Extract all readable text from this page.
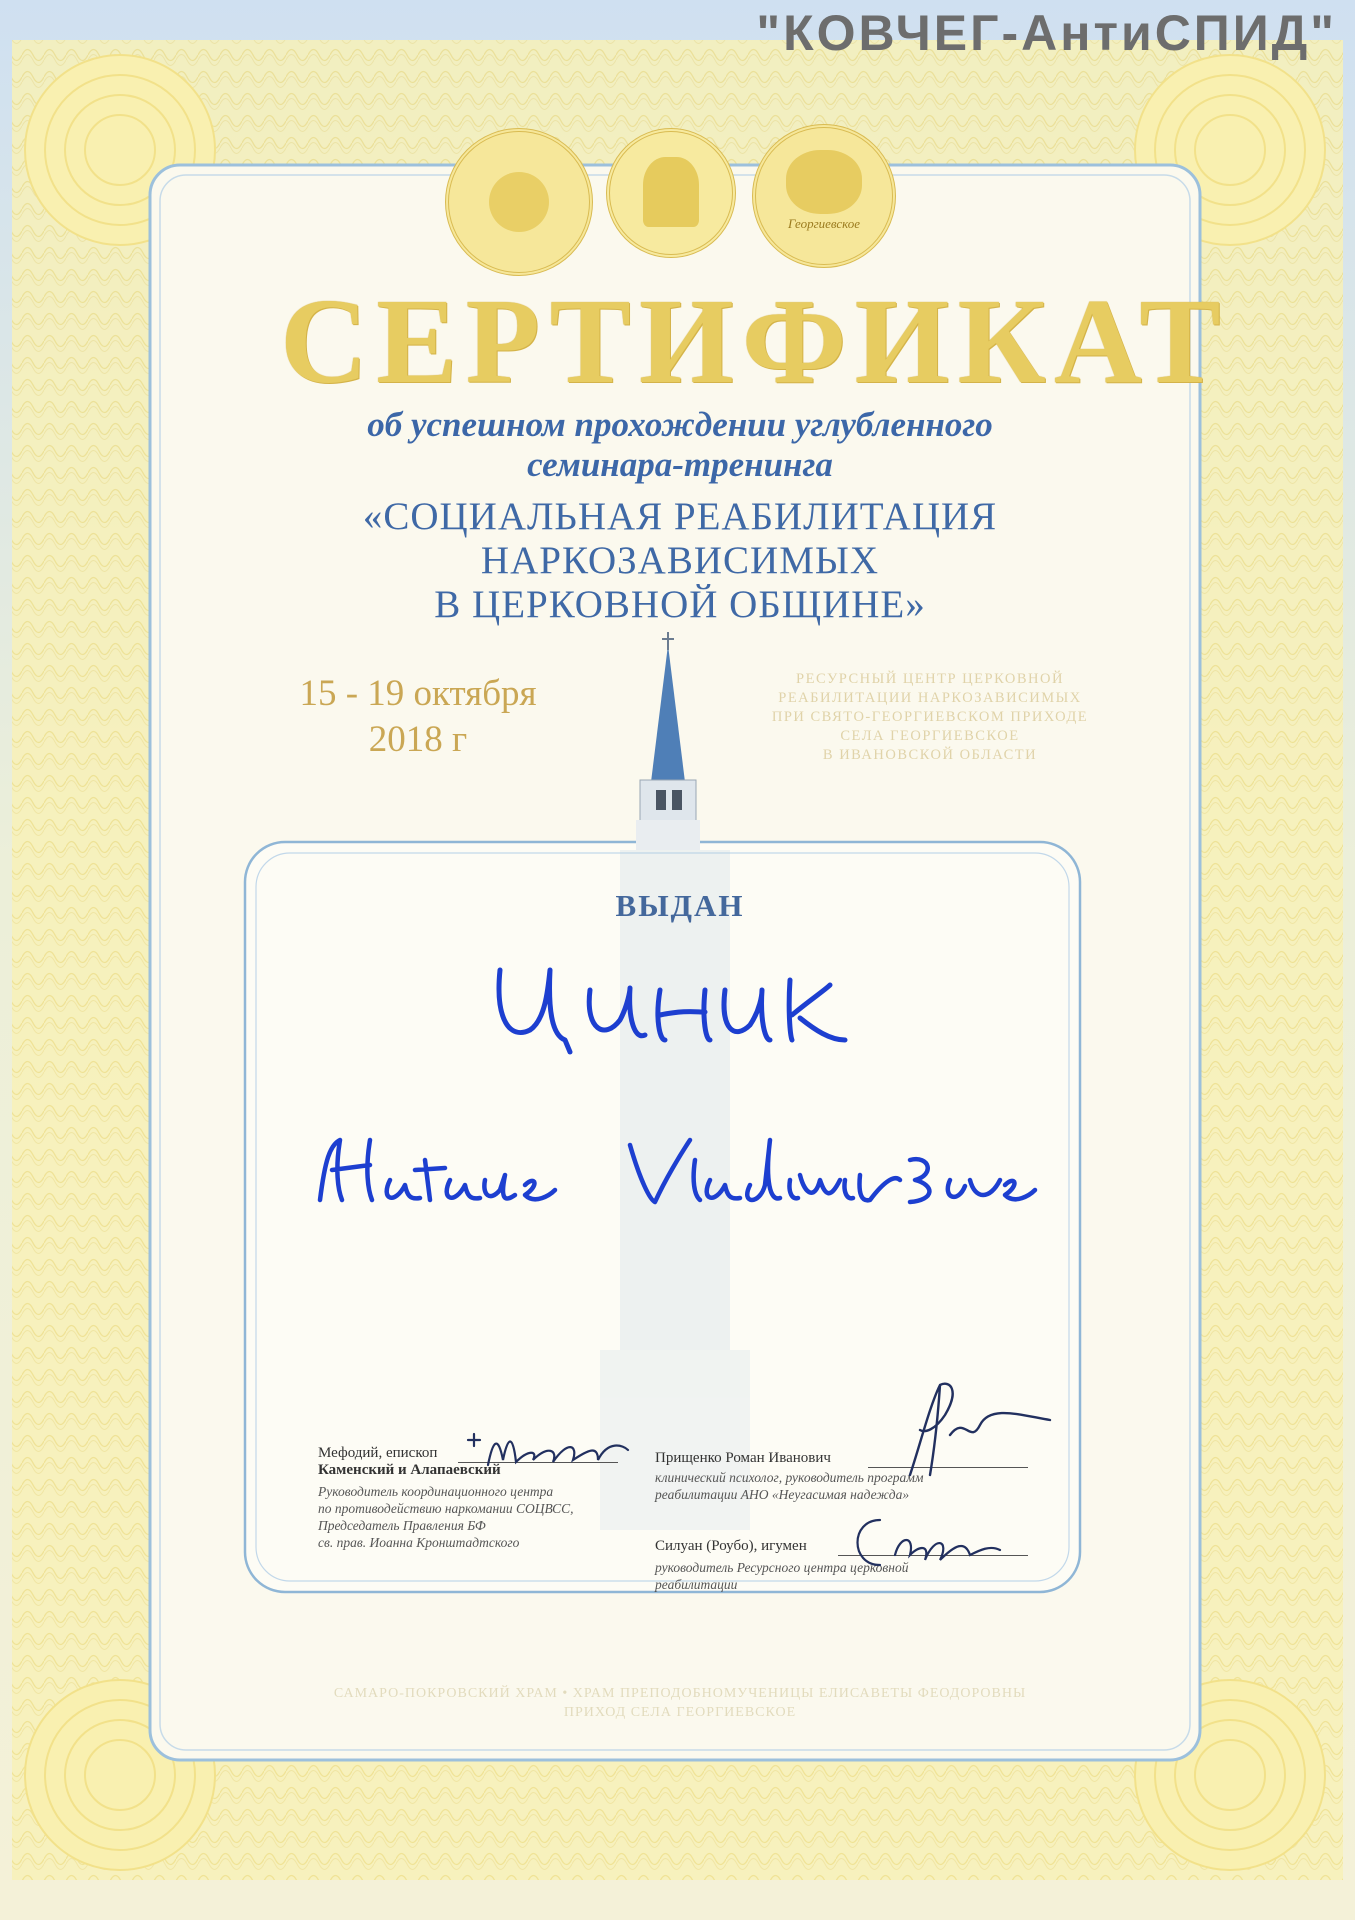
"КОВЧЕГ-АнтиСПИД"
Георгиевское
СЕРТИФИКАТ
об успешном прохождении углубленного
семинара-тренинга
«СОЦИАЛЬНАЯ РЕАБИЛИТАЦИЯ
НАРКОЗАВИСИМЫХ
В ЦЕРКОВНОЙ ОБЩИНЕ»
15 - 19 октября
2018 г
РЕСУРСНЫЙ ЦЕНТР ЦЕРКОВНОЙ
РЕАБИЛИТАЦИИ НАРКОЗАВИСИМЫХ
ПРИ СВЯТО-ГЕОРГИЕВСКОМ ПРИХОДЕ
СЕЛА ГЕОРГИЕВСКОЕ
В ИВАНОВСКОЙ ОБЛАСТИ
ВЫДАН
Мефодий, епископ
Каменский и Алапаевский
Руководитель координационного центра
по противодействию наркомании СОЦВСС,
Председатель Правления БФ
св. прав. Иоанна Кронштадтского
Прищенко Роман Иванович
клинический психолог, руководитель программ
реабилитации АНО «Неугасимая надежда»
Силуан (Роубо), игумен
руководитель Ресурсного центра церковной
реабилитации
САМАРО-ПОКРОВСКИЙ ХРАМ • ХРАМ ПРЕПОДОБНОМУЧЕНИЦЫ ЕЛИСАВЕТЫ ФЕОДОРОВНЫ
ПРИХОД СЕЛА ГЕОРГИЕВСКОЕ
